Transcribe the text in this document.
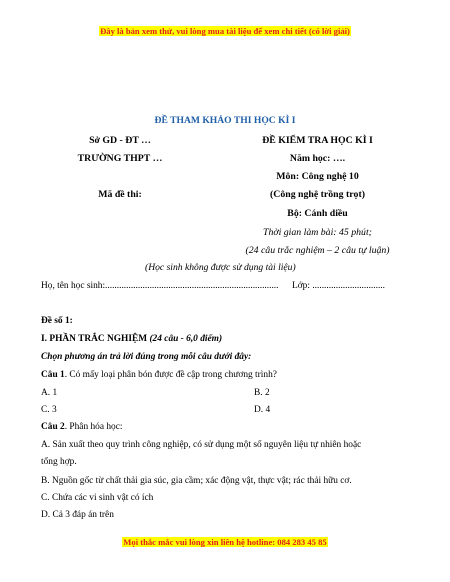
Đây là bản xem thử, vui lòng mua tài liệu để xem chi tiết (có lời giải)
ĐỀ THAM KHẢO THI HỌC KÌ I
Sở GD - ĐT …
TRƯỜNG THPT …
Mã đề thi:
ĐỀ KIỂM TRA HỌC KÌ I
Năm học: ….
Môn: Công nghệ 10
(Công nghệ trồng trọt)
Bộ: Cánh diều
Thời gian làm bài: 45 phút;
(24 câu trắc nghiệm – 2 câu tự luận)
(Học sinh không được sử dụng tài liệu)
Họ, tên học sinh:.......................................................................... Lớp: ...............................
Đề số 1:
I. PHẦN TRẮC NGHIỆM (24 câu - 6,0 điểm)
Chọn phương án trả lời đúng trong mỗi câu dưới đây:
Câu 1. Có mấy loại phân bón được đề cập trong chương trình?
A. 1	B. 2
C. 3	D. 4
Câu 2. Phân hóa học:
A. Sản xuất theo quy trình công nghiệp, có sử dụng một số nguyên liệu tự nhiên hoặc
tổng hợp.
B. Nguồn gốc từ chất thải gia súc, gia cầm; xác động vật, thực vật; rác thải hữu cơ.
C. Chứa các vi sinh vật có ích
D. Cả 3 đáp án trên
Mọi thắc mắc vui lòng xin liên hệ hotline: 084 283 45 85
